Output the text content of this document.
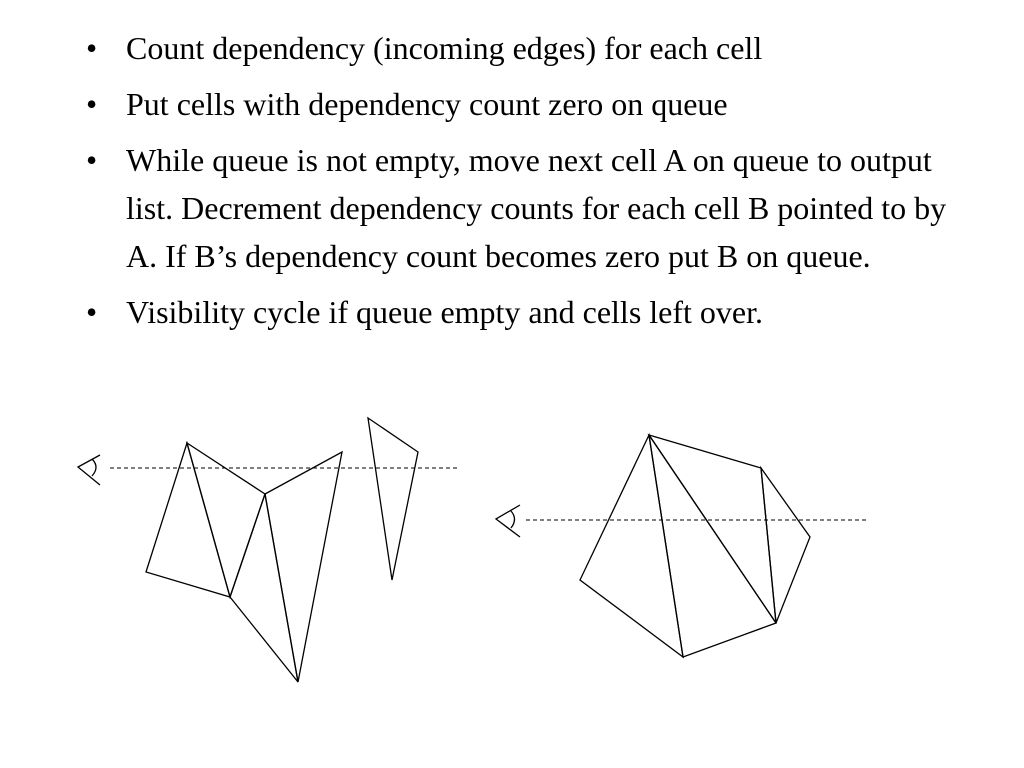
• Count dependency (incoming edges) for each cell
• Put cells with dependency count zero on queue
• While queue is not empty, move next cell A on queue to output list. Decrement dependency counts for each cell B pointed to by A. If B’s dependency count becomes zero put B on queue.
• Visibility cycle if queue empty and cells left over.
